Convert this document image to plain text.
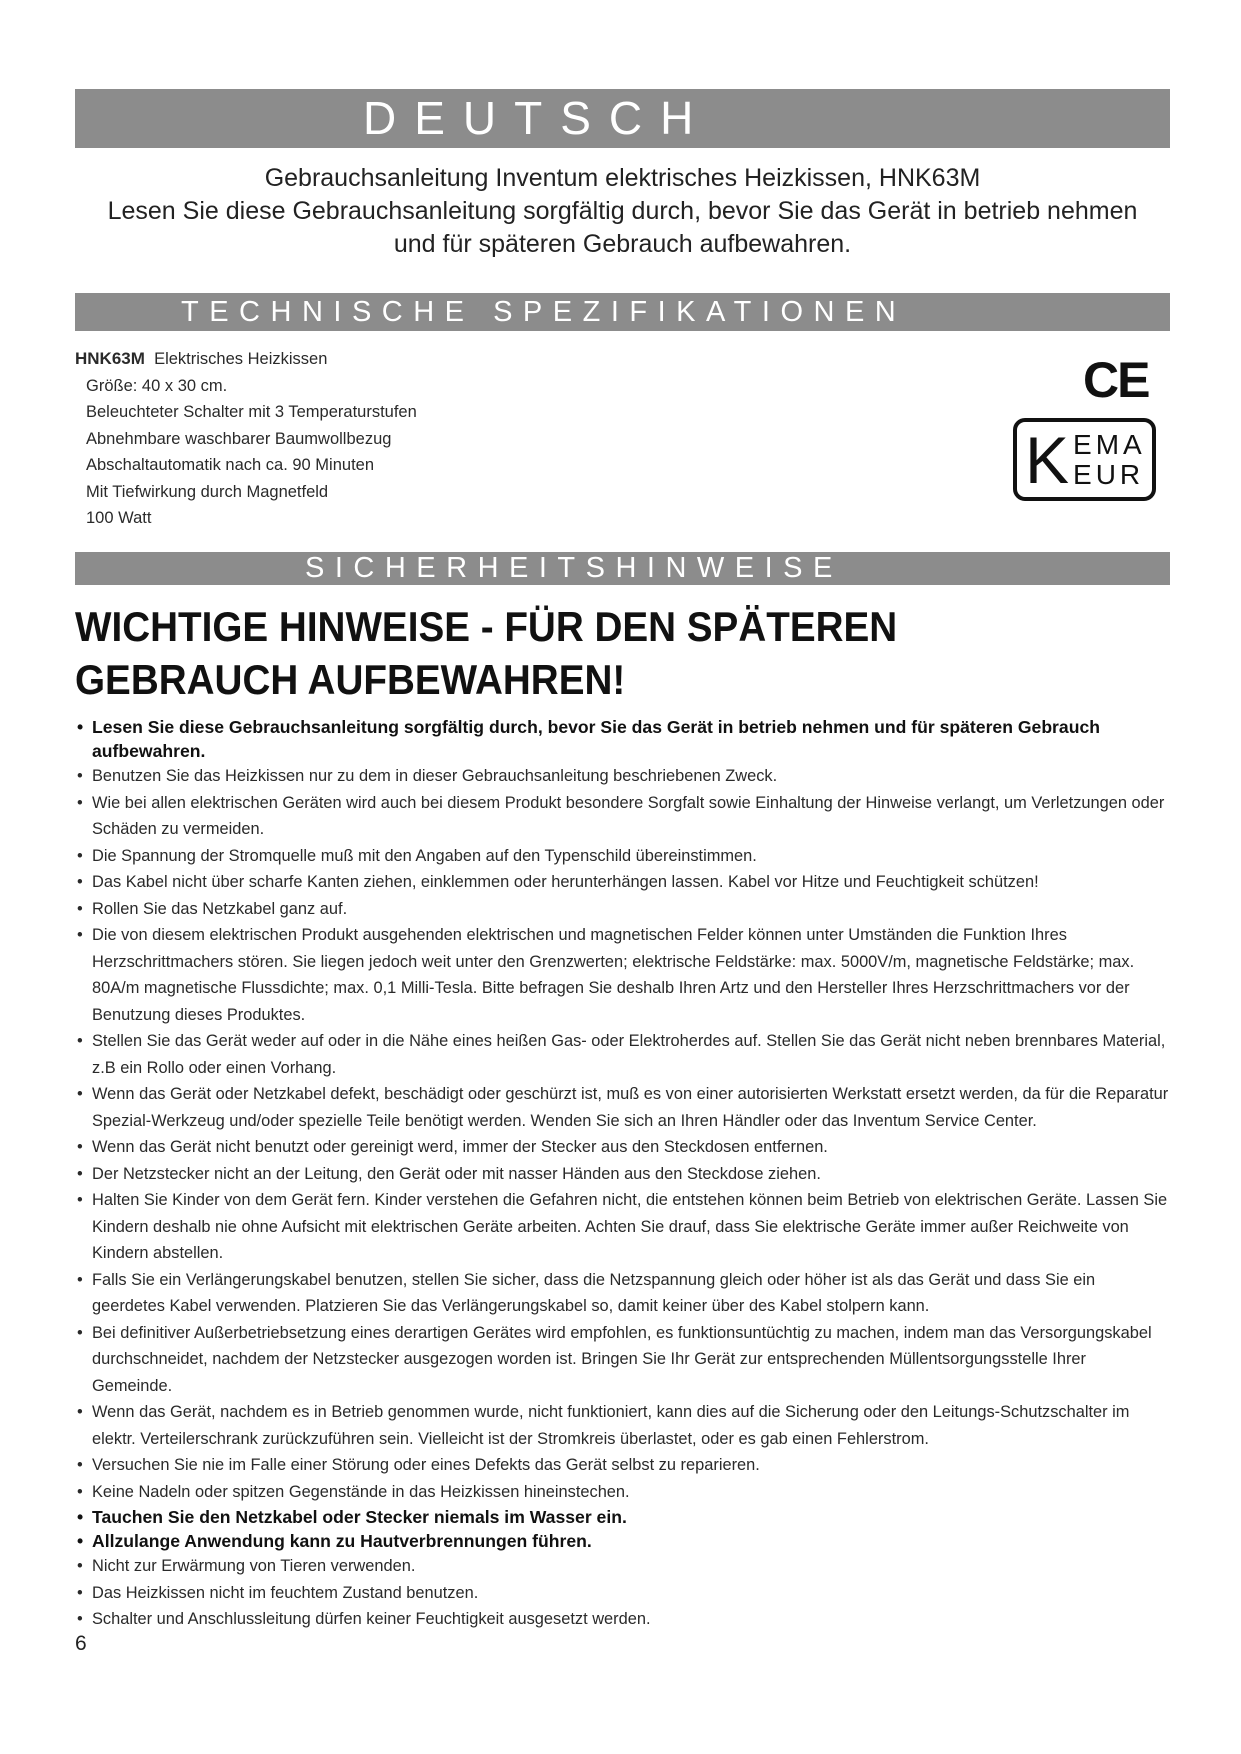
DEUTSCH
Gebrauchsanleitung Inventum elektrisches Heizkissen, HNK63M
Lesen Sie diese Gebrauchsanleitung sorgfältig durch, bevor Sie das Gerät in betrieb nehmen
und für späteren Gebrauch aufbewahren.
TECHNISCHE SPEZIFIKATIONEN
HNK63M Elektrisches Heizkissen
Größe: 40 x 30 cm.
Beleuchteter Schalter mit 3 Temperaturstufen
Abnehmbare waschbarer Baumwollbezug
Abschaltautomatik nach ca. 90 Minuten
Mit Tiefwirkung durch Magnetfeld
100 Watt
CE
K EMA
EUR
SICHERHEITSHINWEISE
WICHTIGE HINWEISE - FÜR DEN SPÄTEREN
GEBRAUCH AUFBEWAHREN!
• Lesen Sie diese Gebrauchsanleitung sorgfältig durch, bevor Sie das Gerät in betrieb nehmen und für späteren Gebrauch aufbewahren.
• Benutzen Sie das Heizkissen nur zu dem in dieser Gebrauchsanleitung beschriebenen Zweck.
• Wie bei allen elektrischen Geräten wird auch bei diesem Produkt besondere Sorgfalt sowie Einhaltung der Hinweise verlangt, um Verletzungen oder Schäden zu vermeiden.
• Die Spannung der Stromquelle muß mit den Angaben auf den Typenschild übereinstimmen.
• Das Kabel nicht über scharfe Kanten ziehen, einklemmen oder herunterhängen lassen. Kabel vor Hitze und Feuchtigkeit schützen!
• Rollen Sie das Netzkabel ganz auf.
• Die von diesem elektrischen Produkt ausgehenden elektrischen und magnetischen Felder können unter Umständen die Funktion Ihres Herzschrittmachers stören. Sie liegen jedoch weit unter den Grenzwerten; elektrische Feldstärke: max. 5000V/m, magnetische Feldstärke; max. 80A/m magnetische Flussdichte; max. 0,1 Milli-Tesla. Bitte befragen Sie deshalb Ihren Artz und den Hersteller Ihres Herzschrittmachers vor der Benutzung dieses Produktes.
• Stellen Sie das Gerät weder auf oder in die Nähe eines heißen Gas- oder Elektroherdes auf. Stellen Sie das Gerät nicht neben brennbares Material, z.B ein Rollo oder einen Vorhang.
• Wenn das Gerät oder Netzkabel defekt, beschädigt oder geschürzt ist, muß es von einer autorisierten Werkstatt ersetzt werden, da für die Reparatur Spezial-Werkzeug und/oder spezielle Teile benötigt werden. Wenden Sie sich an Ihren Händler oder das Inventum Service Center.
• Wenn das Gerät nicht benutzt oder gereinigt werd, immer der Stecker aus den Steckdosen entfernen.
• Der Netzstecker nicht an der Leitung, den Gerät oder mit nasser Händen aus den Steckdose ziehen.
• Halten Sie Kinder von dem Gerät fern. Kinder verstehen die Gefahren nicht, die entstehen können beim Betrieb von elektrischen Geräte. Lassen Sie Kindern deshalb nie ohne Aufsicht mit elektrischen Geräte arbeiten. Achten Sie drauf, dass Sie elektrische Geräte immer außer Reichweite von Kindern abstellen.
• Falls Sie ein Verlängerungskabel benutzen, stellen Sie sicher, dass die Netzspannung gleich oder höher ist als das Gerät und dass Sie ein geerdetes Kabel verwenden. Platzieren Sie das Verlängerungskabel so, damit keiner über des Kabel stolpern kann.
• Bei definitiver Außerbetriebsetzung eines derartigen Gerätes wird empfohlen, es funktionsuntüchtig zu machen, indem man das Versorgungskabel durchschneidet, nachdem der Netzstecker ausgezogen worden ist. Bringen Sie Ihr Gerät zur entsprechenden Müllentsorgungsstelle Ihrer Gemeinde.
• Wenn das Gerät, nachdem es in Betrieb genommen wurde, nicht funktioniert, kann dies auf die Sicherung oder den Leitungs-Schutzschalter im elektr. Verteilerschrank zurückzuführen sein. Vielleicht ist der Stromkreis überlastet, oder es gab einen Fehlerstrom.
• Versuchen Sie nie im Falle einer Störung oder eines Defekts das Gerät selbst zu reparieren.
• Keine Nadeln oder spitzen Gegenstände in das Heizkissen hineinstechen.
• Tauchen Sie den Netzkabel oder Stecker niemals im Wasser ein.
• Allzulange Anwendung kann zu Hautverbrennungen führen.
• Nicht zur Erwärmung von Tieren verwenden.
• Das Heizkissen nicht im feuchtem Zustand benutzen.
• Schalter und Anschlussleitung dürfen keiner Feuchtigkeit ausgesetzt werden.
6
